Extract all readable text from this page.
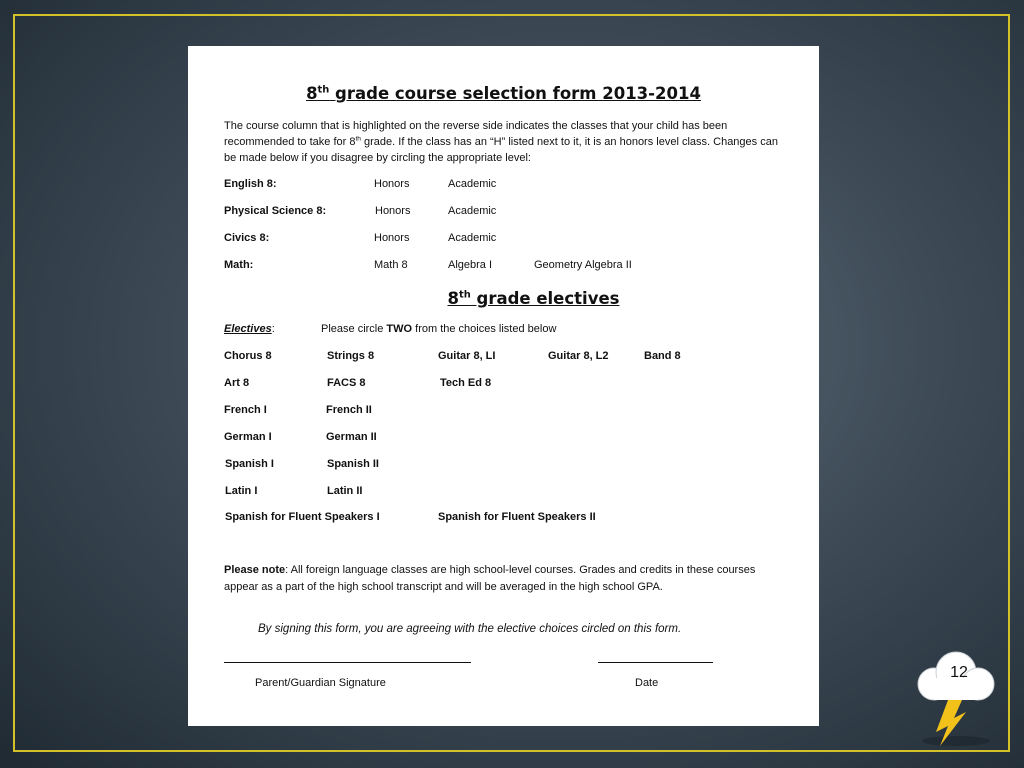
8th grade course selection form 2013-2014
The course column that is highlighted on the reverse side indicates the classes that your child has been recommended to take for 8th grade. If the class has an “H” listed next to it, it is an honors level class. Changes can be made below if you disagree by circling the appropriate level:
English 8:	Honors	Academic
Physical Science 8:	Honors	Academic
Civics 8:	Honors	Academic
Math:	Math 8	Algebra I	Geometry Algebra II
8th grade electives
Electives:	Please circle TWO from the choices listed below
Chorus 8	Strings 8	Guitar 8, LI	Guitar 8, L2	Band 8
Art 8	FACS 8	Tech Ed 8
French I	French II
German I	German II
Spanish I	Spanish II
Latin I	Latin II
Spanish for Fluent Speakers I	Spanish for Fluent Speakers II
Please note: All foreign language classes are high school-level courses. Grades and credits in these courses appear as a part of the high school transcript and will be averaged in the high school GPA.
By signing this form, you are agreeing with the elective choices circled on this form.
Parent/Guardian Signature	Date
12
